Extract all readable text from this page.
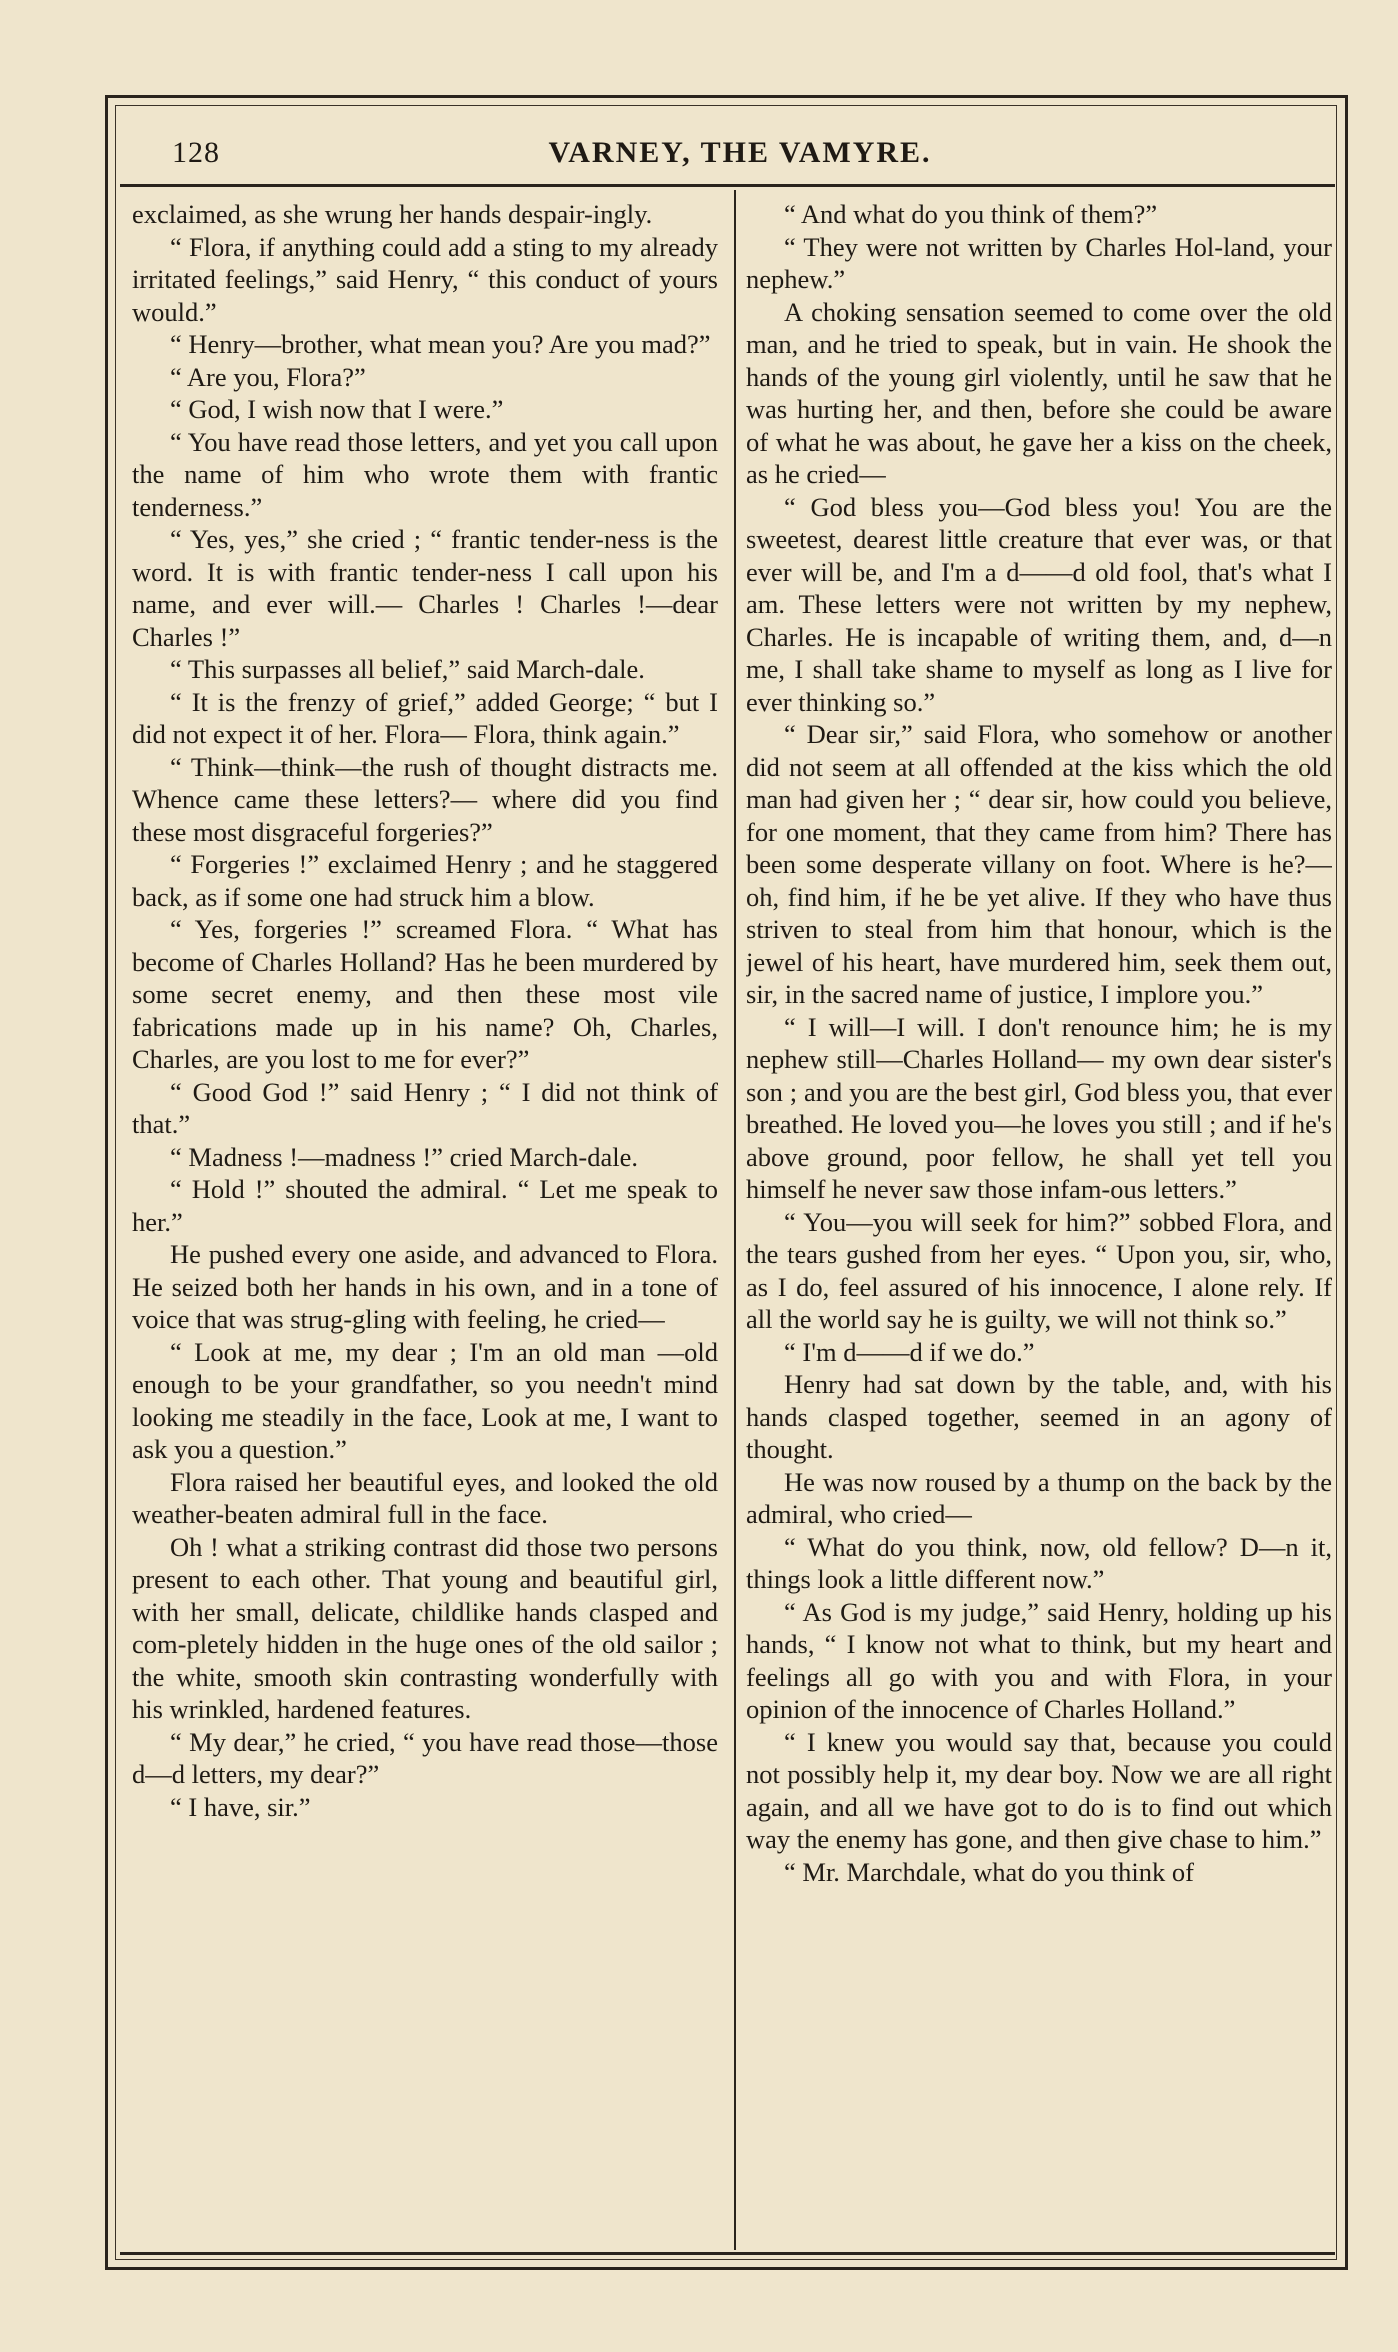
128	VARNEY, THE VAMYRE.

exclaimed, as she wrung her hands despair-ingly.

“ Flora, if anything could add a sting to my already irritated feelings,” said Henry, “ this conduct of yours would.”

“ Henry—brother, what mean you? Are you mad?”

“ Are you, Flora?”

“ God, I wish now that I were.”

“ You have read those letters, and yet you call upon the name of him who wrote them with frantic tenderness.”

“ Yes, yes,” she cried ; “ frantic tender-ness is the word. It is with frantic tender-ness I call upon his name, and ever will.— Charles ! Charles !—dear Charles !”

“ This surpasses all belief,” said March-dale.

“ It is the frenzy of grief,” added George; “ but I did not expect it of her. Flora— Flora, think again.”

“ Think—think—the rush of thought distracts me. Whence came these letters?— where did you find these most disgraceful forgeries?”

“ Forgeries !” exclaimed Henry ; and he staggered back, as if some one had struck him a blow.

“ Yes, forgeries !” screamed Flora. “ What has become of Charles Holland? Has he been murdered by some secret enemy, and then these most vile fabrications made up in his name? Oh, Charles, Charles, are you lost to me for ever?”

“ Good God !” said Henry ; “ I did not think of that.”

“ Madness !—madness !” cried March-dale.

“ Hold !” shouted the admiral. “ Let me speak to her.”

He pushed every one aside, and advanced to Flora. He seized both her hands in his own, and in a tone of voice that was strug-gling with feeling, he cried—

“ Look at me, my dear ; I'm an old man —old enough to be your grandfather, so you needn't mind looking me steadily in the face, Look at me, I want to ask you a question.”

Flora raised her beautiful eyes, and looked the old weather-beaten admiral full in the face.

Oh ! what a striking contrast did those two persons present to each other. That young and beautiful girl, with her small, delicate, childlike hands clasped and com-pletely hidden in the huge ones of the old sailor ; the white, smooth skin contrasting wonderfully with his wrinkled, hardened features.

“ My dear,” he cried, “ you have read those—those d—d letters, my dear?”

“ I have, sir.”

“ And what do you think of them?”

“ They were not written by Charles Hol-land, your nephew.”

A choking sensation seemed to come over the old man, and he tried to speak, but in vain. He shook the hands of the young girl violently, until he saw that he was hurting her, and then, before she could be aware of what he was about, he gave her a kiss on the cheek, as he cried—

“ God bless you—God bless you! You are the sweetest, dearest little creature that ever was, or that ever will be, and I'm a d——d old fool, that's what I am. These letters were not written by my nephew, Charles. He is incapable of writing them, and, d—n me, I shall take shame to myself as long as I live for ever thinking so.”

“ Dear sir,” said Flora, who somehow or another did not seem at all offended at the kiss which the old man had given her ; “ dear sir, how could you believe, for one moment, that they came from him? There has been some desperate villany on foot. Where is he?—oh, find him, if he be yet alive. If they who have thus striven to steal from him that honour, which is the jewel of his heart, have murdered him, seek them out, sir, in the sacred name of justice, I implore you.”

“ I will—I will. I don't renounce him; he is my nephew still—Charles Holland— my own dear sister's son ; and you are the best girl, God bless you, that ever breathed. He loved you—he loves you still ; and if he's above ground, poor fellow, he shall yet tell you himself he never saw those infam-ous letters.”

“ You—you will seek for him?” sobbed Flora, and the tears gushed from her eyes. “ Upon you, sir, who, as I do, feel assured of his innocence, I alone rely. If all the world say he is guilty, we will not think so.”

“ I'm d——d if we do.”

Henry had sat down by the table, and, with his hands clasped together, seemed in an agony of thought.

He was now roused by a thump on the back by the admiral, who cried—

“ What do you think, now, old fellow? D—n it, things look a little different now.”

“ As God is my judge,” said Henry, holding up his hands, “ I know not what to think, but my heart and feelings all go with you and with Flora, in your opinion of the innocence of Charles Holland.”

“ I knew you would say that, because you could not possibly help it, my dear boy. Now we are all right again, and all we have got to do is to find out which way the enemy has gone, and then give chase to him.”

“ Mr. Marchdale, what do you think of
